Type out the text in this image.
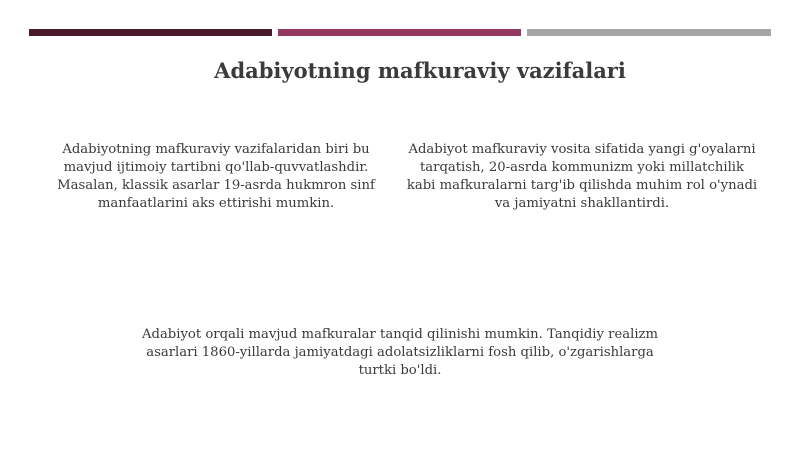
Adabiyotning mafkuraviy vazifalari

Adabiyotning mafkuraviy vazifalaridan biri bu mavjud ijtimoiy tartibni qo'llab-quvvatlashdir. Masalan, klassik asarlar 19-asrda hukmron sinf manfaatlarini aks ettirishi mumkin.

Adabiyot mafkuraviy vosita sifatida yangi g'oyalarni tarqatish, 20-asrda kommunizm yoki millatchilik kabi mafkuralarni targ'ib qilishda muhim rol o'ynadi va jamiyatni shakllantirdi.

Adabiyot orqali mavjud mafkuralar tanqid qilinishi mumkin. Tanqidiy realizm asarlari 1860-yillarda jamiyatdagi adolatsizliklarni fosh qilib, o'zgarishlarga turtki bo'ldi.
